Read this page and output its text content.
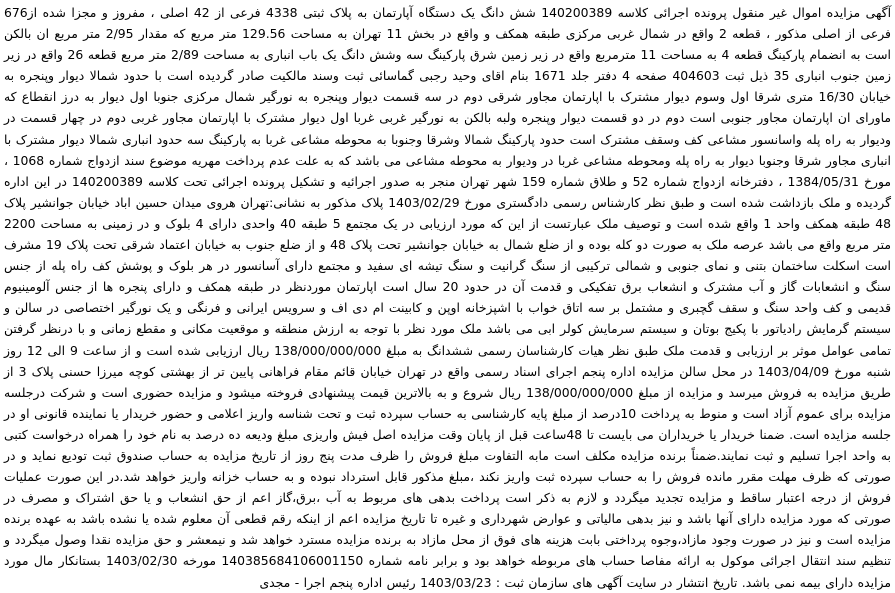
آگهی مزایده اموال غیر منقول پرونده اجرائی کلاسه 140200389 شش دانگ یک دستگاه آپارتمان به پلاک ثبتی 4338 فرعی از 42 اصلی ، مفروز و مجزا شده از676 فرعی از اصلی مذکور ، قطعه 2 واقع در شمال غربی مرکزی طبقه همکف و واقع در بخش 11 تهران به مساحت 129.56 متر مربع که مقدار 2/95 متر مربع ان بالکن است به انضمام پارکینگ قطعه 4 به مساحت 11 مترمربع واقع در زیر زمین شرق پارکینگ سه وشش دانگ یک باب انباری به مساحت 2/89 متر مربع قطعه 26 واقع در زیر زمین جنوب انباری 35 ذیل ثبت 404603 صفحه 4 دفتر جلد 1671 بنام اقای وحید رجبی گماسائی ثبت وسند مالکیت صادر گردیده است با حدود شمالا دیوار وپنجره به خیابان 16/30 متری شرقا اول وسوم دیوار مشترک با اپارتمان مجاور شرقی دوم در سه قسمت دیوار وپنجره به نورگیر شمال مرکزی جنوبا اول دیوار به درز انقطاع که ماورای ان اپارتمان مجاور جنوبی است دوم در دو قسمت دیوار وپنجره ولبه بالکن به نورگیر غربی غربا اول دیوار مشترک با اپارتمان مجاور غربی دوم در چهار قسمت در ودیوار به راه پله واسانسور مشاعی کف وسقف مشترک است حدود پارکینگ شمالا وشرقا وجنوبا به محوطه مشاعی غربا به پارکینگ سه حدود انباری شمالا دیوار مشترک با انباری مجاور شرقا وجنوبا دیوار به راه پله ومحوطه مشاعی غربا در ودیوار به محوطه مشاعی می باشد که به علت عدم پرداخت مهریه موضوع سند ازدواج شماره 1068 ، مورخ 1384/05/31 ، دفترخانه ازدواج شماره 52 و طلاق شماره 159 شهر تهران منجر به صدور اجرائیه و تشکیل پرونده اجرائی تحت کلاسه 140200389 در این اداره گردیده و ملک بازداشت شده است و طبق نظر کارشناس رسمی دادگستری مورخ 1403/02/29 پلاک مذکور به نشانی:تهران هروی میدان حسین اباد خیابان جوانشیر پلاک 48 طبقه همکف واحد 1 واقع شده است و توصیف ملک عبارتست از این که مورد ارزیابی در یک مجتمع 5 طبقه 40 واحدی دارای 4 بلوک و در زمینی به مساحت 2200 متر مربع واقع می باشد عرصه ملک به صورت دو کله بوده و از ضلع شمال به خیابان جوانشیر تحت پلاک 48 و از ضلع جنوب به خیابان اعتماد شرقی تحت پلاک 19 مشرف است اسکلت ساختمان بتنی و نمای جنوبی و شمالی ترکیبی از سنگ گرانیت و سنگ تیشه ای سفید و مجتمع دارای آسانسور در هر بلوک و پوشش کف راه پله از جنس سنگ و انشعابات گاز و آب مشترک و انشعاب برق تفکیکی و قدمت آن در حدود 20 سال است اپارتمان موردنظر در طبقه همکف و دارای پنجره ها از جنس آلومینیوم قدیمی و کف واحد سنگ و سقف گچبری و مشتمل بر سه اتاق خواب با اشپزخانه اوپن و کابینت ام دی اف و سرویس ایرانی و فرنگی و یک نورگیر اختصاصی در سالن و سیستم گرمایش رادیاتور با پکیج بوتان و سیستم سرمایش کولر ابی می باشد ملک مورد نظر با توجه به ارزش منطقه و موقعیت مکانی و مقطع زمانی و با درنظر گرفتن تمامی عوامل موثر بر ارزیابی و قدمت ملک طبق نظر هیات کارشناسان رسمی ششدانگ به مبلغ 138/000/000/000 ریال ارزیابی شده است و از ساعت 9 الی 12 روز شنبه مورخ 1403/04/09 در محل سالن مزایده اداره پنجم اجرای اسناد رسمی واقع در تهران خیابان قائم مقام فراهانی پایین تر از بهشتی کوچه میرزا حسنی پلاک 3 از طریق مزایده به فروش میرسد و مزایده از مبلغ 138/000/000/000 ریال شروع و به بالاترین قیمت پیشنهادی فروخته میشود و مزایده حضوری است و شرکت درجلسه مزایده برای عموم آزاد است و منوط به پرداخت 10درصد از مبلغ پایه کارشناسی به حساب سپرده ثبت و تحت شناسه واریز اعلامی و حضور خریدار یا نماینده قانونی او در جلسه مزایده است. ضمنا خریدار یا خریداران می بایست تا 48ساعت قبل از پایان وقت مزایده اصل فیش واریزی مبلغ ودیعه ده درصد به نام خود را همراه درخواست کتبی به واحد اجرا تسلیم و ثبت نمایند.ضمناً برنده مزایده مکلف است مابه التفاوت مبلغ فروش را ظرف مدت پنج روز از تاریخ مزایده به حساب صندوق ثبت تودیع نماید و در صورتی که ظرف مهلت مقرر مانده فروش را به حساب سپرده ثبت واریز نکند ،مبلغ مذکور قابل استرداد نبوده و به حساب خزانه واریز خواهد شد.در این صورت عملیات فروش از درجه اعتبار ساقط و مزایده تجدید میگردد و لازم به ذکر است پرداخت بدهی های مربوط به آب ،برق،گاز اعم از حق انشعاب و یا حق اشتراک و مصرف در صورتی که مورد مزایده دارای آنها باشد و نیز بدهی مالیاتی و عوارض شهرداری و غیره تا تاریخ مزایده اعم از اینکه رقم قطعی آن معلوم شده یا نشده باشد به عهده برنده مزایده است و نیز در صورت وجود مازاد،وجوه پرداختی بابت هزینه های فوق از محل مازاد به برنده مزایده مسترد خواهد شد و نیمعشر و حق مزایده نقدا وصول میگردد و تنظیم سند انتقال اجرائی موکول به ارائه مفاصا حساب های مربوطه خواهد بود و برابر نامه شماره 140385684106001150 مورخه 1403/02/30 بستانکار مال مورد مزایده دارای بیمه نمی باشد. تاریخ انتشار در سایت آگهی های سازمان ثبت : 1403/03/23 رئیس اداره پنجم اجرا - مجدی
